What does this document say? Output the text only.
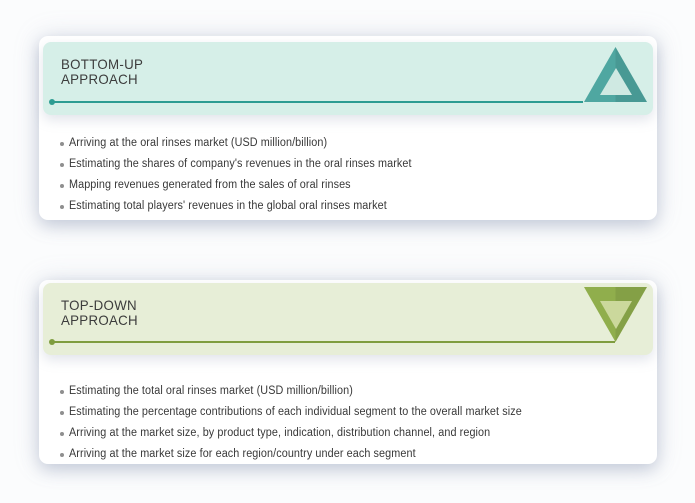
BOTTOM-UP
APPROACH
Arriving at the oral rinses market (USD million/billion)
Estimating the shares of company's revenues in the oral rinses market
Mapping revenues generated from the sales of oral rinses
Estimating total players' revenues in the global oral rinses market
TOP-DOWN
APPROACH
Estimating the total oral rinses market (USD million/billion)
Estimating the percentage contributions of each individual segment to the overall market size
Arriving at the market size, by product type, indication, distribution channel, and region
Arriving at the market size for each region/country under each segment
